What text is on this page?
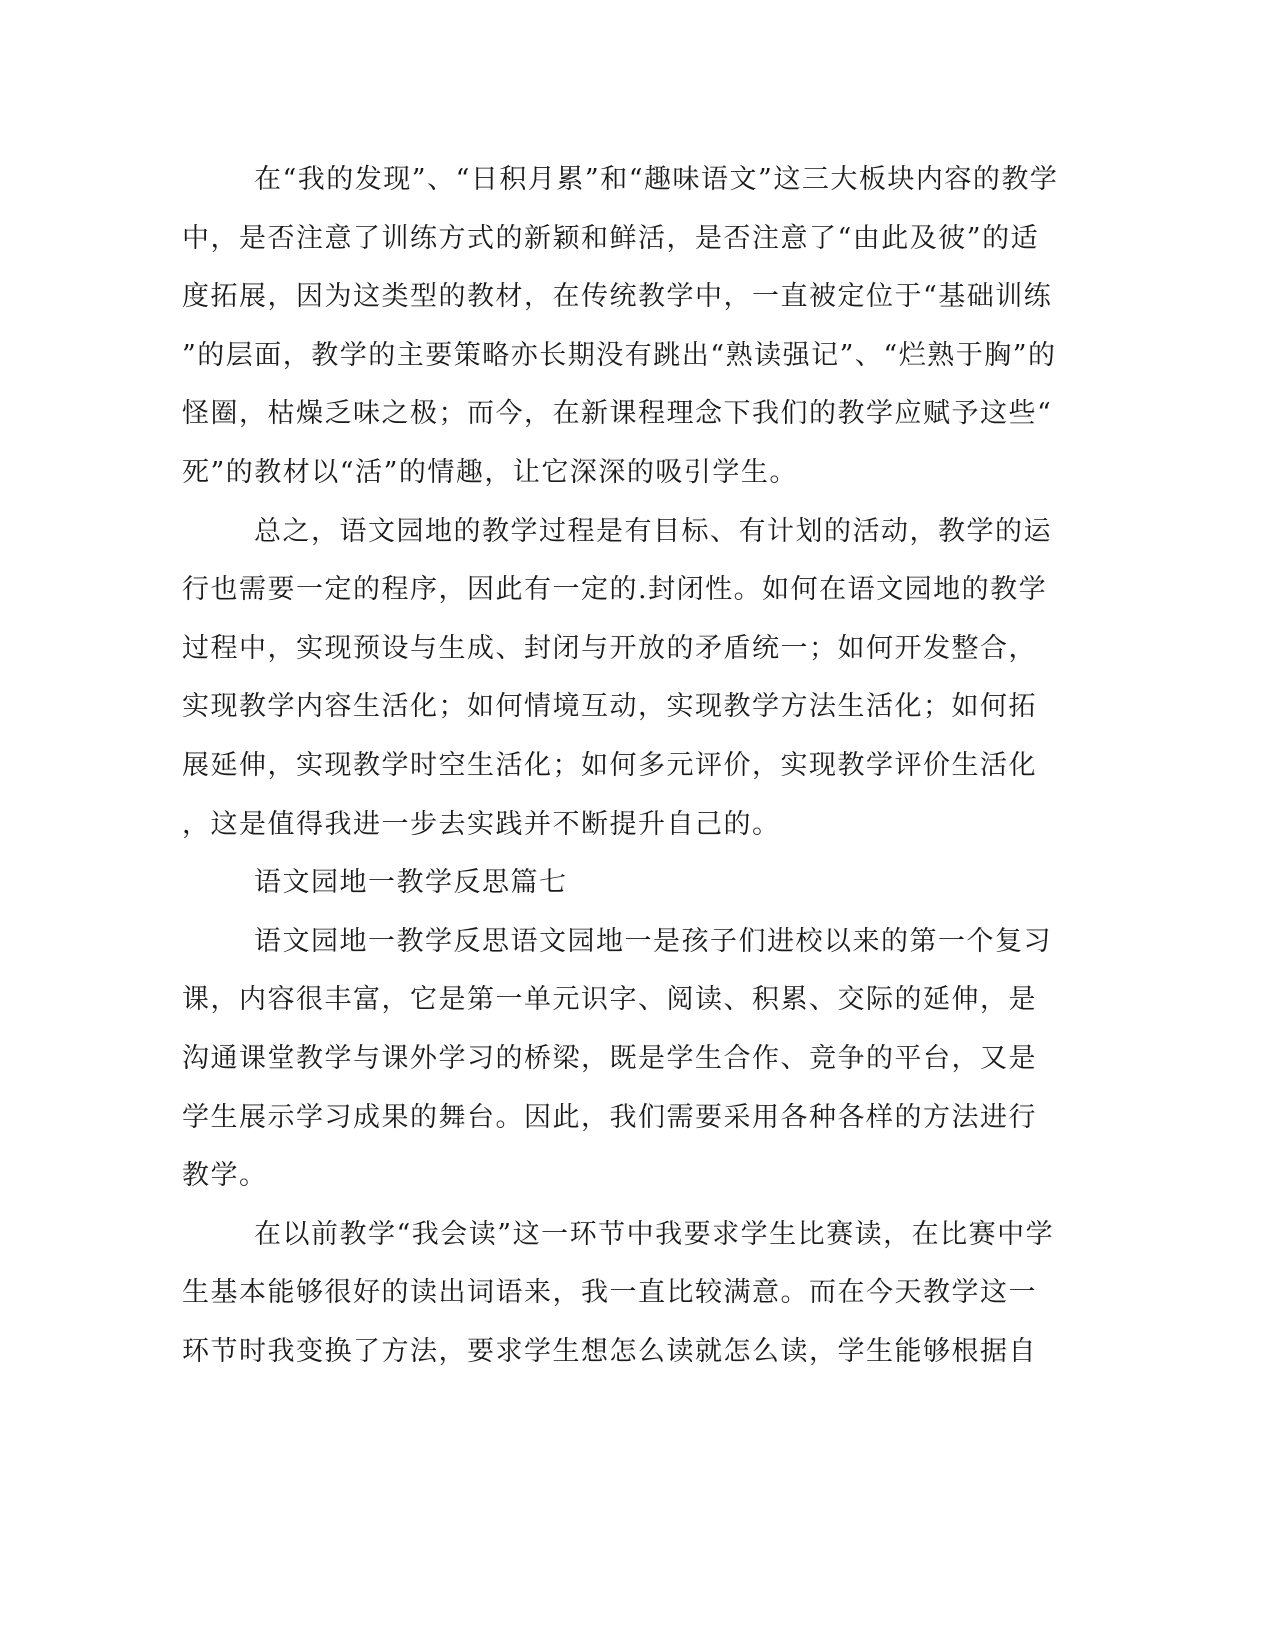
在“我的发现”、“日积月累”和“趣味语文”这三大板块内容的教学
中，是否注意了训练方式的新颖和鲜活，是否注意了“由此及彼”的适
度拓展，因为这类型的教材，在传统教学中，一直被定位于“基础训练
”的层面，教学的主要策略亦长期没有跳出“熟读强记”、“烂熟于胸”的
怪圈，枯燥乏味之极；而今，在新课程理念下我们的教学应赋予这些“
死”的教材以“活”的情趣，让它深深的吸引学生。
总之，语文园地的教学过程是有目标、有计划的活动，教学的运
行也需要一定的程序，因此有一定的.封闭性。如何在语文园地的教学
过程中，实现预设与生成、封闭与开放的矛盾统一；如何开发整合，
实现教学内容生活化；如何情境互动，实现教学方法生活化；如何拓
展延伸，实现教学时空生活化；如何多元评价，实现教学评价生活化
，这是值得我进一步去实践并不断提升自己的。
语文园地一教学反思篇七
语文园地一教学反思语文园地一是孩子们进校以来的第一个复习
课，内容很丰富，它是第一单元识字、阅读、积累、交际的延伸，是
沟通课堂教学与课外学习的桥梁，既是学生合作、竞争的平台，又是
学生展示学习成果的舞台。因此，我们需要采用各种各样的方法进行
教学。
在以前教学“我会读”这一环节中我要求学生比赛读，在比赛中学
生基本能够很好的读出词语来，我一直比较满意。而在今天教学这一
环节时我变换了方法，要求学生想怎么读就怎么读，学生能够根据自
